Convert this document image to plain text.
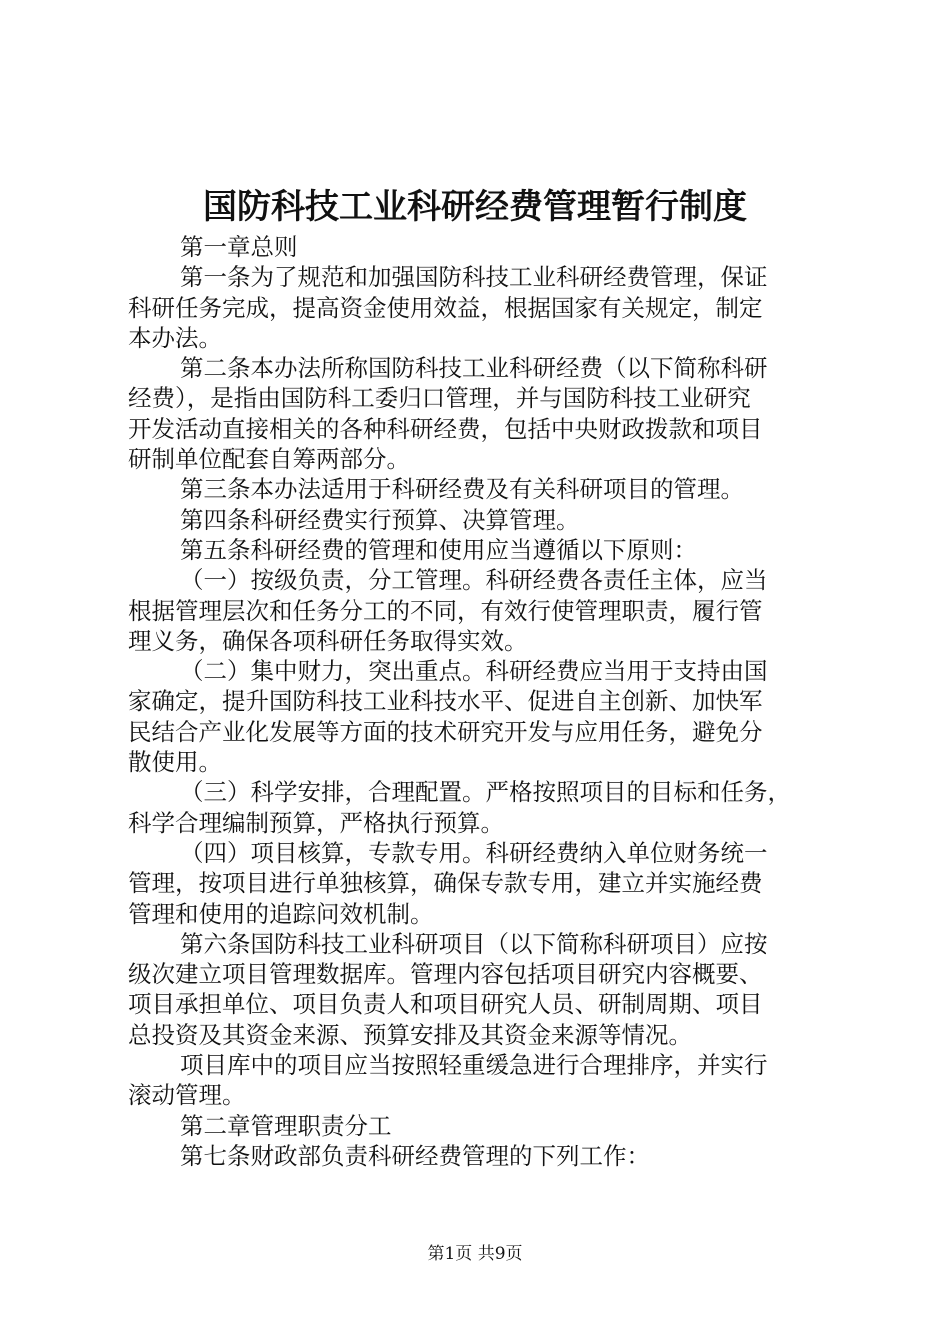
国防科技工业科研经费管理暂行制度
第一章总则
第一条为了规范和加强国防科技工业科研经费管理，保证
科研任务完成，提高资金使用效益，根据国家有关规定，制定
本办法。
第二条本办法所称国防科技工业科研经费（以下简称科研
经费），是指由国防科工委归口管理，并与国防科技工业研究
开发活动直接相关的各种科研经费，包括中央财政拨款和项目
研制单位配套自筹两部分。
第三条本办法适用于科研经费及有关科研项目的管理。
第四条科研经费实行预算、决算管理。
第五条科研经费的管理和使用应当遵循以下原则：
（一）按级负责，分工管理。科研经费各责任主体，应当
根据管理层次和任务分工的不同，有效行使管理职责，履行管
理义务，确保各项科研任务取得实效。
（二）集中财力，突出重点。科研经费应当用于支持由国
家确定，提升国防科技工业科技水平、促进自主创新、加快军
民结合产业化发展等方面的技术研究开发与应用任务，避免分
散使用。
（三）科学安排，合理配置。严格按照项目的目标和任务，
科学合理编制预算，严格执行预算。
（四）项目核算，专款专用。科研经费纳入单位财务统一
管理，按项目进行单独核算，确保专款专用，建立并实施经费
管理和使用的追踪问效机制。
第六条国防科技工业科研项目（以下简称科研项目）应按
级次建立项目管理数据库。管理内容包括项目研究内容概要、
项目承担单位、项目负责人和项目研究人员、研制周期、项目
总投资及其资金来源、预算安排及其资金来源等情况。
项目库中的项目应当按照轻重缓急进行合理排序，并实行
滚动管理。
第二章管理职责分工
第七条财政部负责科研经费管理的下列工作：
第1页 共9页
